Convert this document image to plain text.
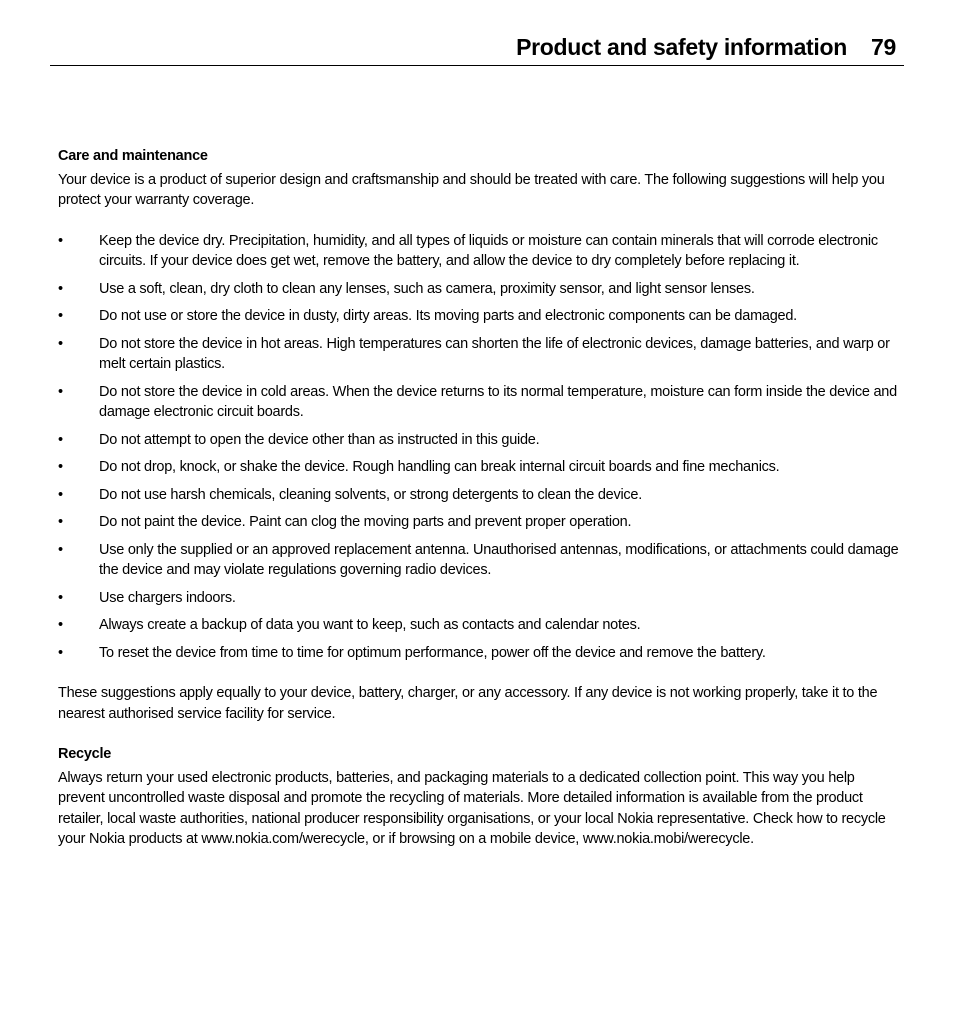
Product and safety information 79
Care and maintenance

Your device is a product of superior design and craftsmanship and should be treated with care. The following suggestions will help you protect your warranty coverage.

• Keep the device dry. Precipitation, humidity, and all types of liquids or moisture can contain minerals that will corrode electronic circuits. If your device does get wet, remove the battery, and allow the device to dry completely before replacing it.
• Use a soft, clean, dry cloth to clean any lenses, such as camera, proximity sensor, and light sensor lenses.
• Do not use or store the device in dusty, dirty areas. Its moving parts and electronic components can be damaged.
• Do not store the device in hot areas. High temperatures can shorten the life of electronic devices, damage batteries, and warp or melt certain plastics.
• Do not store the device in cold areas. When the device returns to its normal temperature, moisture can form inside the device and damage electronic circuit boards.
• Do not attempt to open the device other than as instructed in this guide.
• Do not drop, knock, or shake the device. Rough handling can break internal circuit boards and fine mechanics.
• Do not use harsh chemicals, cleaning solvents, or strong detergents to clean the device.
• Do not paint the device. Paint can clog the moving parts and prevent proper operation.
• Use only the supplied or an approved replacement antenna. Unauthorised antennas, modifications, or attachments could damage the device and may violate regulations governing radio devices.
• Use chargers indoors.
• Always create a backup of data you want to keep, such as contacts and calendar notes.
• To reset the device from time to time for optimum performance, power off the device and remove the battery.

These suggestions apply equally to your device, battery, charger, or any accessory. If any device is not working properly, take it to the nearest authorised service facility for service.

Recycle

Always return your used electronic products, batteries, and packaging materials to a dedicated collection point. This way you help prevent uncontrolled waste disposal and promote the recycling of materials. More detailed information is available from the product retailer, local waste authorities, national producer responsibility organisations, or your local Nokia representative. Check how to recycle your Nokia products at www.nokia.com/werecycle, or if browsing on a mobile device, www.nokia.mobi/werecycle.
